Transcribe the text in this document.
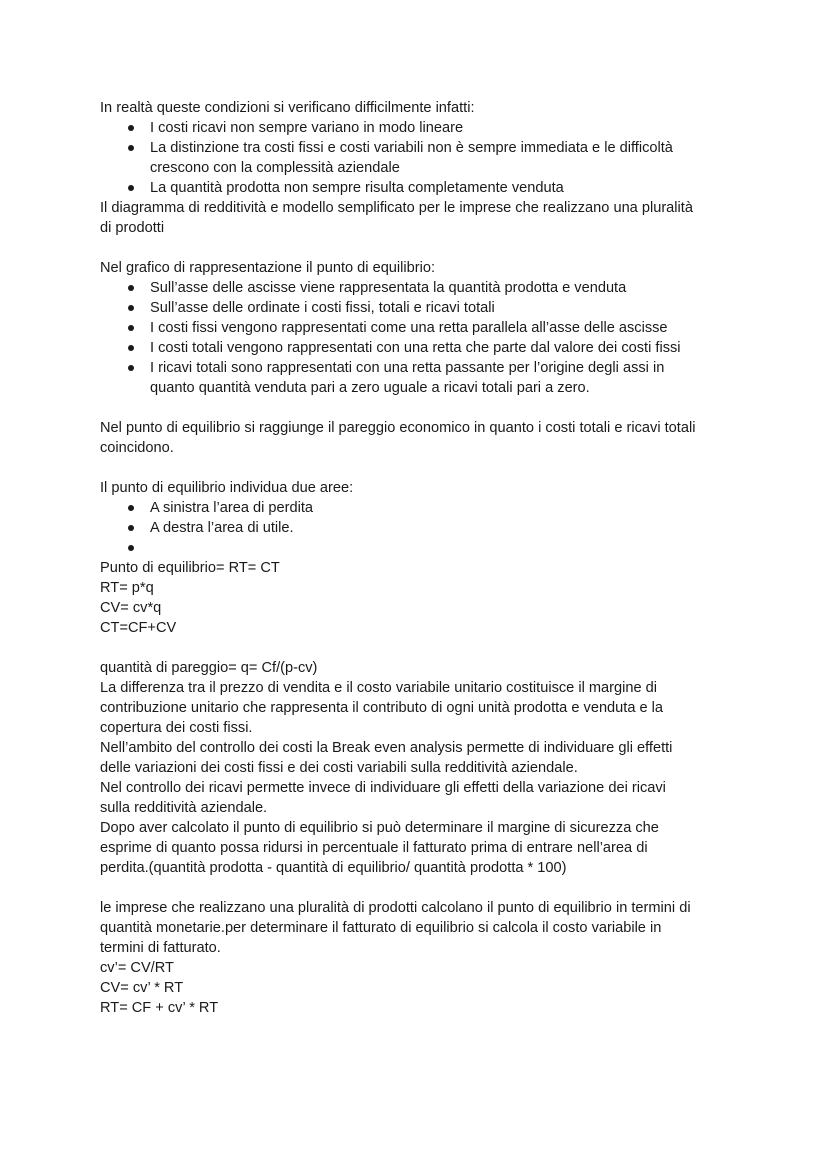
In realtà queste condizioni si verificano difficilmente infatti:
I costi ricavi non sempre variano in modo lineare
La distinzione tra costi fissi e costi variabili non è sempre immediata e le difficoltà crescono con la complessità aziendale
La quantità prodotta non sempre risulta completamente venduta
Il diagramma di redditività e modello semplificato per le imprese che realizzano una pluralità
di prodotti
Nel grafico di rappresentazione il punto di equilibrio:
Sull’asse delle ascisse viene rappresentata la quantità prodotta e venduta
Sull’asse delle ordinate i costi fissi, totali e ricavi totali
I costi fissi vengono rappresentati come una retta parallela all’asse delle ascisse
I costi totali vengono rappresentati con una retta che parte dal valore dei costi fissi
I ricavi totali sono rappresentati con una retta passante per l’origine degli assi in quanto quantità venduta pari a zero uguale a ricavi totali pari a zero.
Nel punto di equilibrio si raggiunge il pareggio economico in quanto i costi totali e ricavi totali
coincidono.
Il punto di equilibrio individua due aree:
A sinistra l’area di perdita
A destra l’area di utile.
Punto di equilibrio= RT= CT
RT= p*q
CV= cv*q
CT=CF+CV
quantità di pareggio= q= Cf/(p-cv)
La differenza tra il prezzo di vendita e il costo variabile unitario costituisce il margine di
contribuzione unitario che rappresenta il contributo di ogni unità prodotta e venduta e la
copertura dei costi fissi.
Nell’ambito del controllo dei costi la Break even analysis permette di individuare gli effetti
delle variazioni dei costi fissi e dei costi variabili sulla redditività aziendale.
Nel controllo dei ricavi permette invece di individuare gli effetti della variazione dei ricavi
sulla redditività aziendale.
Dopo aver calcolato il punto di equilibrio si può determinare il margine di sicurezza che
esprime di quanto possa ridursi in percentuale il fatturato prima di entrare nell’area di
perdita.(quantità prodotta - quantità di equilibrio/ quantità prodotta * 100)
le imprese che realizzano una pluralità di prodotti calcolano il punto di equilibrio in termini di
quantità monetarie.per determinare il fatturato di equilibrio si calcola il costo variabile in
termini di fatturato.
cv’= CV/RT
CV= cv’ * RT
RT= CF + cv’ * RT
